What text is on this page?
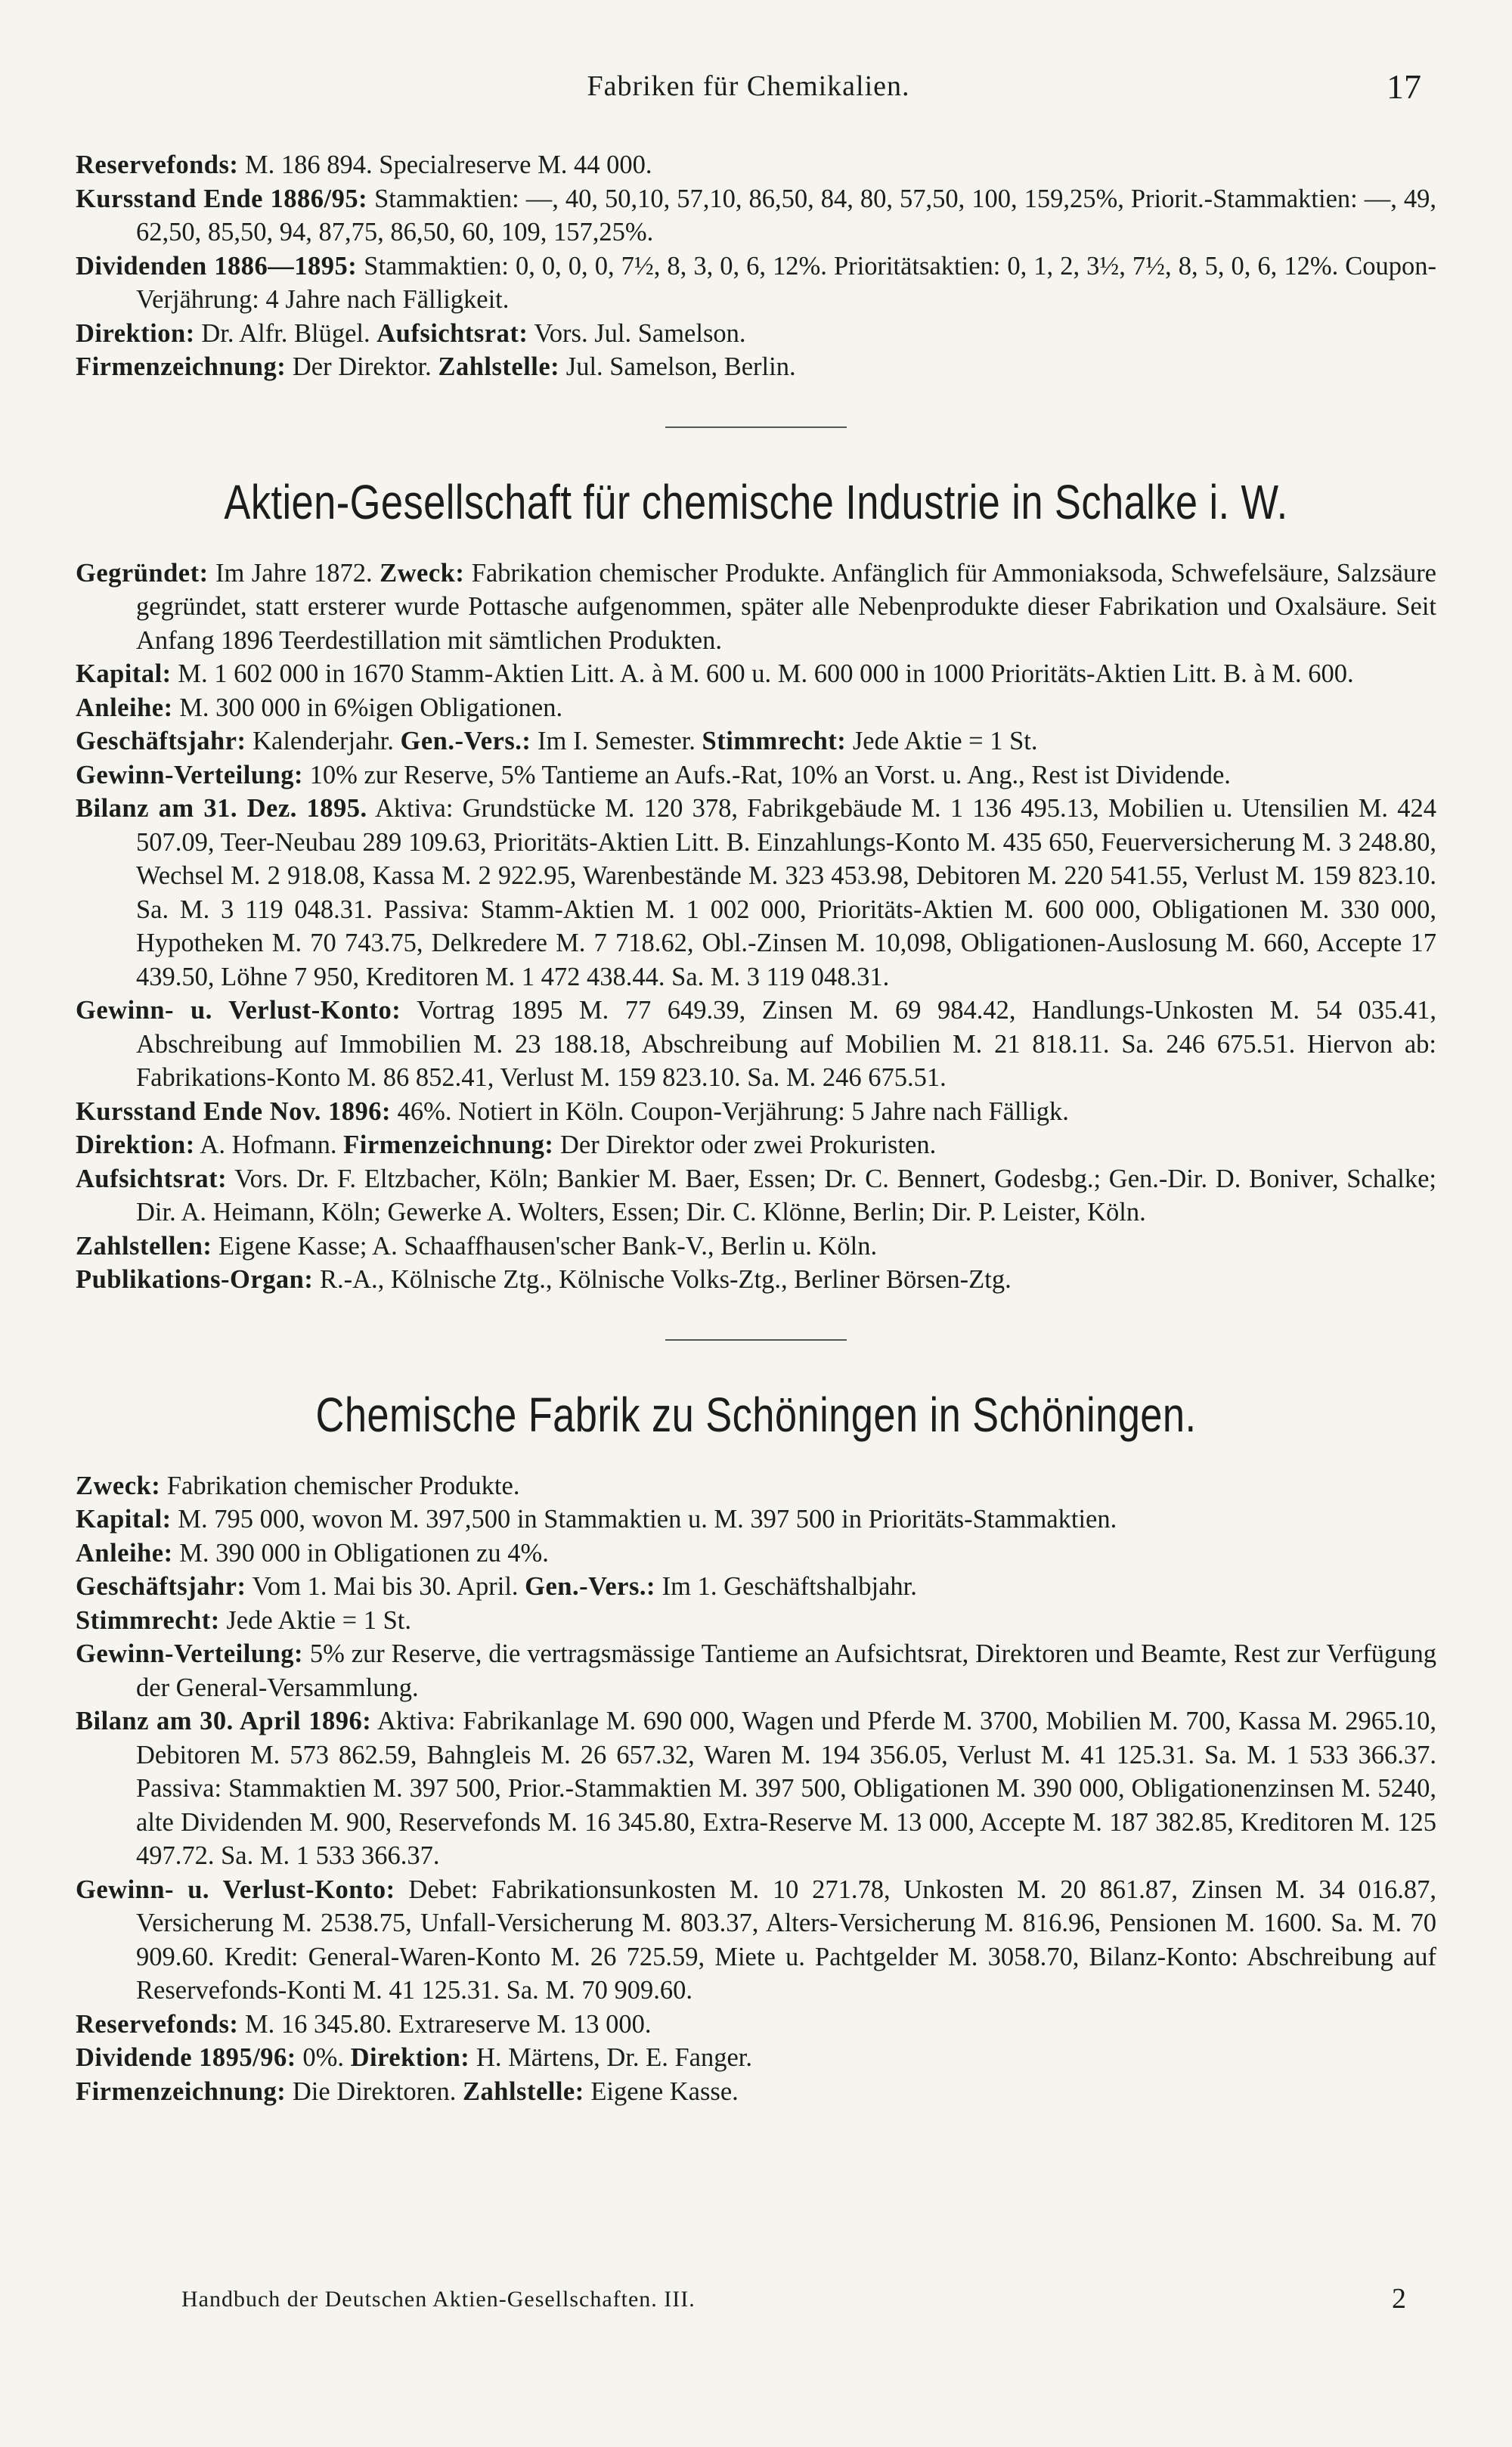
Fabriken für Chemikalien.	17
Reservefonds: M. 186 894. Specialreserve M. 44 000.
Kursstand Ende 1886/95: Stammaktien: —, 40, 50,10, 57,10, 86,50, 84, 80, 57,50, 100, 159,25%, Priorit.-Stammaktien: —, 49, 62,50, 85,50, 94, 87,75, 86,50, 60, 109, 157,25%.
Dividenden 1886—1895: Stammaktien: 0, 0, 0, 0, 7½, 8, 3, 0, 6, 12%. Prioritätsaktien: 0, 1, 2, 3½, 7½, 8, 5, 0, 6, 12%. Coupon-Verjährung: 4 Jahre nach Fälligkeit.
Direktion: Dr. Alfr. Blügel. Aufsichtsrat: Vors. Jul. Samelson.
Firmenzeichnung: Der Direktor. Zahlstelle: Jul. Samelson, Berlin.
Aktien-Gesellschaft für chemische Industrie in Schalke i. W.
Gegründet: Im Jahre 1872. Zweck: Fabrikation chemischer Produkte. Anfänglich für Ammoniaksoda, Schwefelsäure, Salzsäure gegründet, statt ersterer wurde Pottasche aufgenommen, später alle Nebenprodukte dieser Fabrikation und Oxalsäure. Seit Anfang 1896 Teerdestillation mit sämtlichen Produkten.
Kapital: M. 1 602 000 in 1670 Stamm-Aktien Litt. A. à M. 600 u. M. 600 000 in 1000 Prioritäts-Aktien Litt. B. à M. 600.
Anleihe: M. 300 000 in 6%igen Obligationen.
Geschäftsjahr: Kalenderjahr. Gen.-Vers.: Im I. Semester. Stimmrecht: Jede Aktie = 1 St.
Gewinn-Verteilung: 10% zur Reserve, 5% Tantieme an Aufs.-Rat, 10% an Vorst. u. Ang., Rest ist Dividende.
Bilanz am 31. Dez. 1895. Aktiva: Grundstücke M. 120 378, Fabrikgebäude M. 1 136 495.13, Mobilien u. Utensilien M. 424 507.09, Teer-Neubau 289 109.63, Prioritäts-Aktien Litt. B. Einzahlungs-Konto M. 435 650, Feuerversicherung M. 3 248.80, Wechsel M. 2 918.08, Kassa M. 2 922.95, Warenbestände M. 323 453.98, Debitoren M. 220 541.55, Verlust M. 159 823.10. Sa. M. 3 119 048.31. Passiva: Stamm-Aktien M. 1 002 000, Prioritäts-Aktien M. 600 000, Obligationen M. 330 000, Hypotheken M. 70 743.75, Delkredere M. 7 718.62, Obl.-Zinsen M. 10,098, Obligationen-Auslosung M. 660, Accepte 17 439.50, Löhne 7 950, Kreditoren M. 1 472 438.44. Sa. M. 3 119 048.31.
Gewinn- u. Verlust-Konto: Vortrag 1895 M. 77 649.39, Zinsen M. 69 984.42, Handlungs-Unkosten M. 54 035.41, Abschreibung auf Immobilien M. 23 188.18, Abschreibung auf Mobilien M. 21 818.11. Sa. 246 675.51. Hiervon ab: Fabrikations-Konto M. 86 852.41, Verlust M. 159 823.10. Sa. M. 246 675.51.
Kursstand Ende Nov. 1896: 46%. Notiert in Köln. Coupon-Verjährung: 5 Jahre nach Fälligk.
Direktion: A. Hofmann. Firmenzeichnung: Der Direktor oder zwei Prokuristen.
Aufsichtsrat: Vors. Dr. F. Eltzbacher, Köln; Bankier M. Baer, Essen; Dr. C. Bennert, Godesbg.; Gen.-Dir. D. Boniver, Schalke; Dir. A. Heimann, Köln; Gewerke A. Wolters, Essen; Dir. C. Klönne, Berlin; Dir. P. Leister, Köln.
Zahlstellen: Eigene Kasse; A. Schaaffhausen'scher Bank-V., Berlin u. Köln.
Publikations-Organ: R.-A., Kölnische Ztg., Kölnische Volks-Ztg., Berliner Börsen-Ztg.
Chemische Fabrik zu Schöningen in Schöningen.
Zweck: Fabrikation chemischer Produkte.
Kapital: M. 795 000, wovon M. 397,500 in Stammaktien u. M. 397 500 in Prioritäts-Stammaktien.
Anleihe: M. 390 000 in Obligationen zu 4%.
Geschäftsjahr: Vom 1. Mai bis 30. April. Gen.-Vers.: Im 1. Geschäftshalbjahr.
Stimmrecht: Jede Aktie = 1 St.
Gewinn-Verteilung: 5% zur Reserve, die vertragsmässige Tantieme an Aufsichtsrat, Direktoren und Beamte, Rest zur Verfügung der General-Versammlung.
Bilanz am 30. April 1896: Aktiva: Fabrikanlage M. 690 000, Wagen und Pferde M. 3700, Mobilien M. 700, Kassa M. 2965.10, Debitoren M. 573 862.59, Bahngleis M. 26 657.32, Waren M. 194 356.05, Verlust M. 41 125.31. Sa. M. 1 533 366.37. Passiva: Stammaktien M. 397 500, Prior.-Stammaktien M. 397 500, Obligationen M. 390 000, Obligationenzinsen M. 5240, alte Dividenden M. 900, Reservefonds M. 16 345.80, Extra-Reserve M. 13 000, Accepte M. 187 382.85, Kreditoren M. 125 497.72. Sa. M. 1 533 366.37.
Gewinn- u. Verlust-Konto: Debet: Fabrikationsunkosten M. 10 271.78, Unkosten M. 20 861.87, Zinsen M. 34 016.87, Versicherung M. 2538.75, Unfall-Versicherung M. 803.37, Alters-Versicherung M. 816.96, Pensionen M. 1600. Sa. M. 70 909.60. Kredit: General-Waren-Konto M. 26 725.59, Miete u. Pachtgelder M. 3058.70, Bilanz-Konto: Abschreibung auf Reservefonds-Konti M. 41 125.31. Sa. M. 70 909.60.
Reservefonds: M. 16 345.80. Extrareserve M. 13 000.
Dividende 1895/96: 0%. Direktion: H. Märtens, Dr. E. Fanger.
Firmenzeichnung: Die Direktoren. Zahlstelle: Eigene Kasse.
Handbuch der Deutschen Aktien-Gesellschaften. III.	2
